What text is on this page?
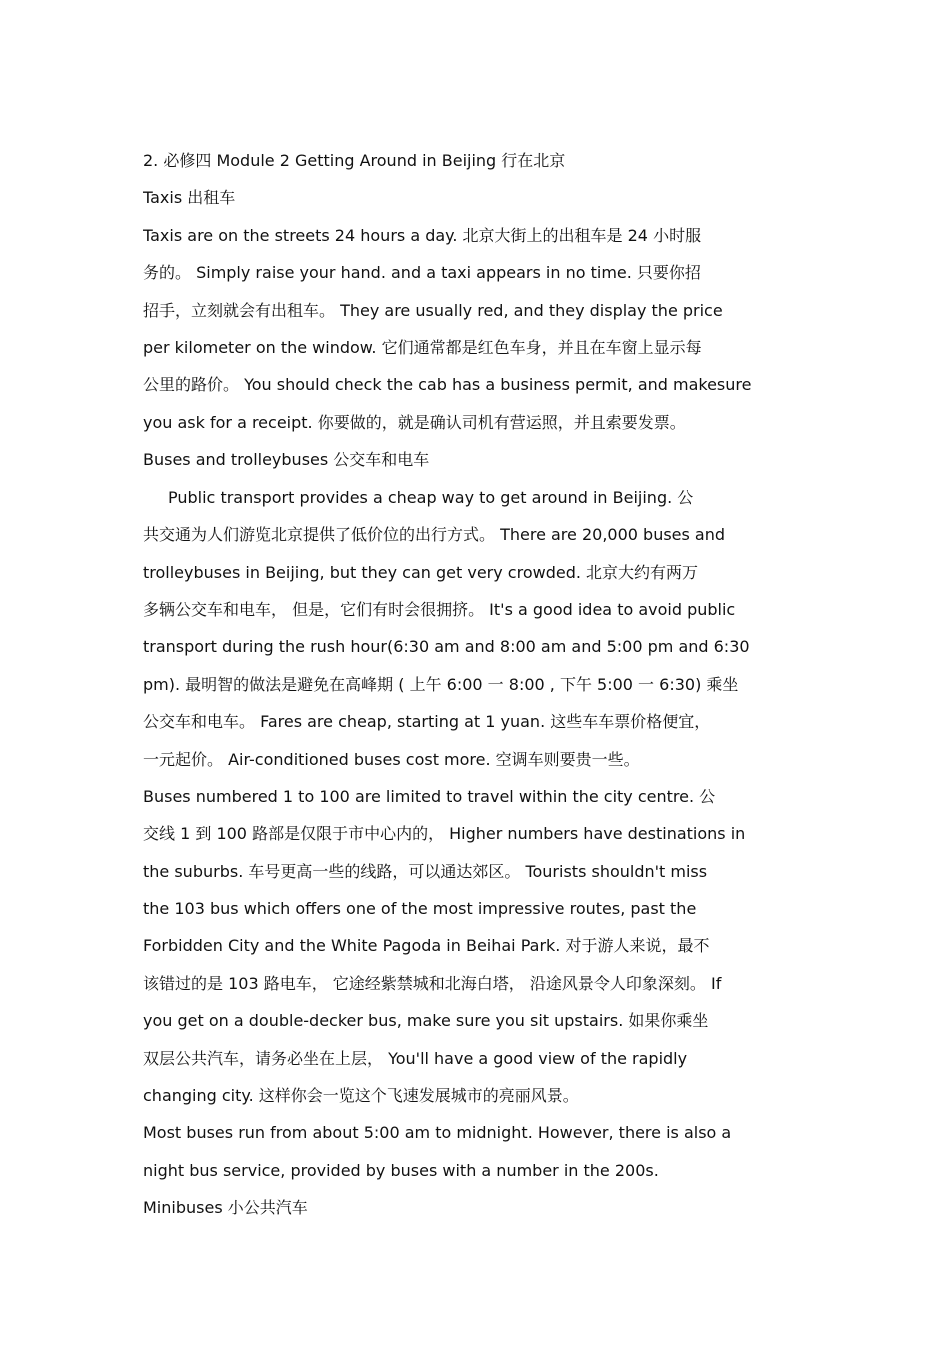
2. 必修四 Module 2 Getting Around in Beijing 行在北京
Taxis 出租车
Taxis are on the streets 24 hours a day. 北京大街上的出租车是 24 小时服
务的。 Simply raise your hand. and a taxi appears in no time. 只要你招
招手，立刻就会有出租车。 They are usually red, and they display the price
per kilometer on the window. 它们通常都是红色车身，并且在车窗上显示每
公里的路价。 You should check the cab has a business permit, and makesure
you ask for a receipt. 你要做的，就是确认司机有营运照，并且索要发票。
Buses and trolleybuses 公交车和电车
Public transport provides a cheap way to get around in Beijing. 公
共交通为人们游览北京提供了低价位的出行方式。 There are 20,000 buses and
trolleybuses in Beijing, but they can get very crowded. 北京大约有两万
多辆公交车和电车， 但是，它们有时会很拥挤。 It's a good idea to avoid public
transport during the rush hour(6:30 am and 8:00 am and 5:00 pm and 6:30
pm). 最明智的做法是避免在高峰期 ( 上午 6:00 一 8:00 , 下午 5:00 一 6:30) 乘坐
公交车和电车。 Fares are cheap, starting at 1 yuan. 这些车车票价格便宜，
一元起价。 Air-conditioned buses cost more. 空调车则要贵一些。
Buses numbered 1 to 100 are limited to travel within the city centre. 公
交线 1 到 100 路部是仅限于市中心内的， Higher numbers have destinations in
the suburbs. 车号更高一些的线路，可以通达郊区。 Tourists shouldn't miss
the 103 bus which offers one of the most impressive routes, past the
Forbidden City and the White Pagoda in Beihai Park. 对于游人来说，最不
该错过的是 103 路电车， 它途经紫禁城和北海白塔， 沿途风景令人印象深刻。 If
you get on a double-decker bus, make sure you sit upstairs. 如果你乘坐
双层公共汽车，请务必坐在上层， You'll have a good view of the rapidly
changing city. 这样你会一览这个飞速发展城市的亮丽风景。
Most buses run from about 5:00 am to midnight. However, there is also a
night bus service, provided by buses with a number in the 200s.
Minibuses 小公共汽车
